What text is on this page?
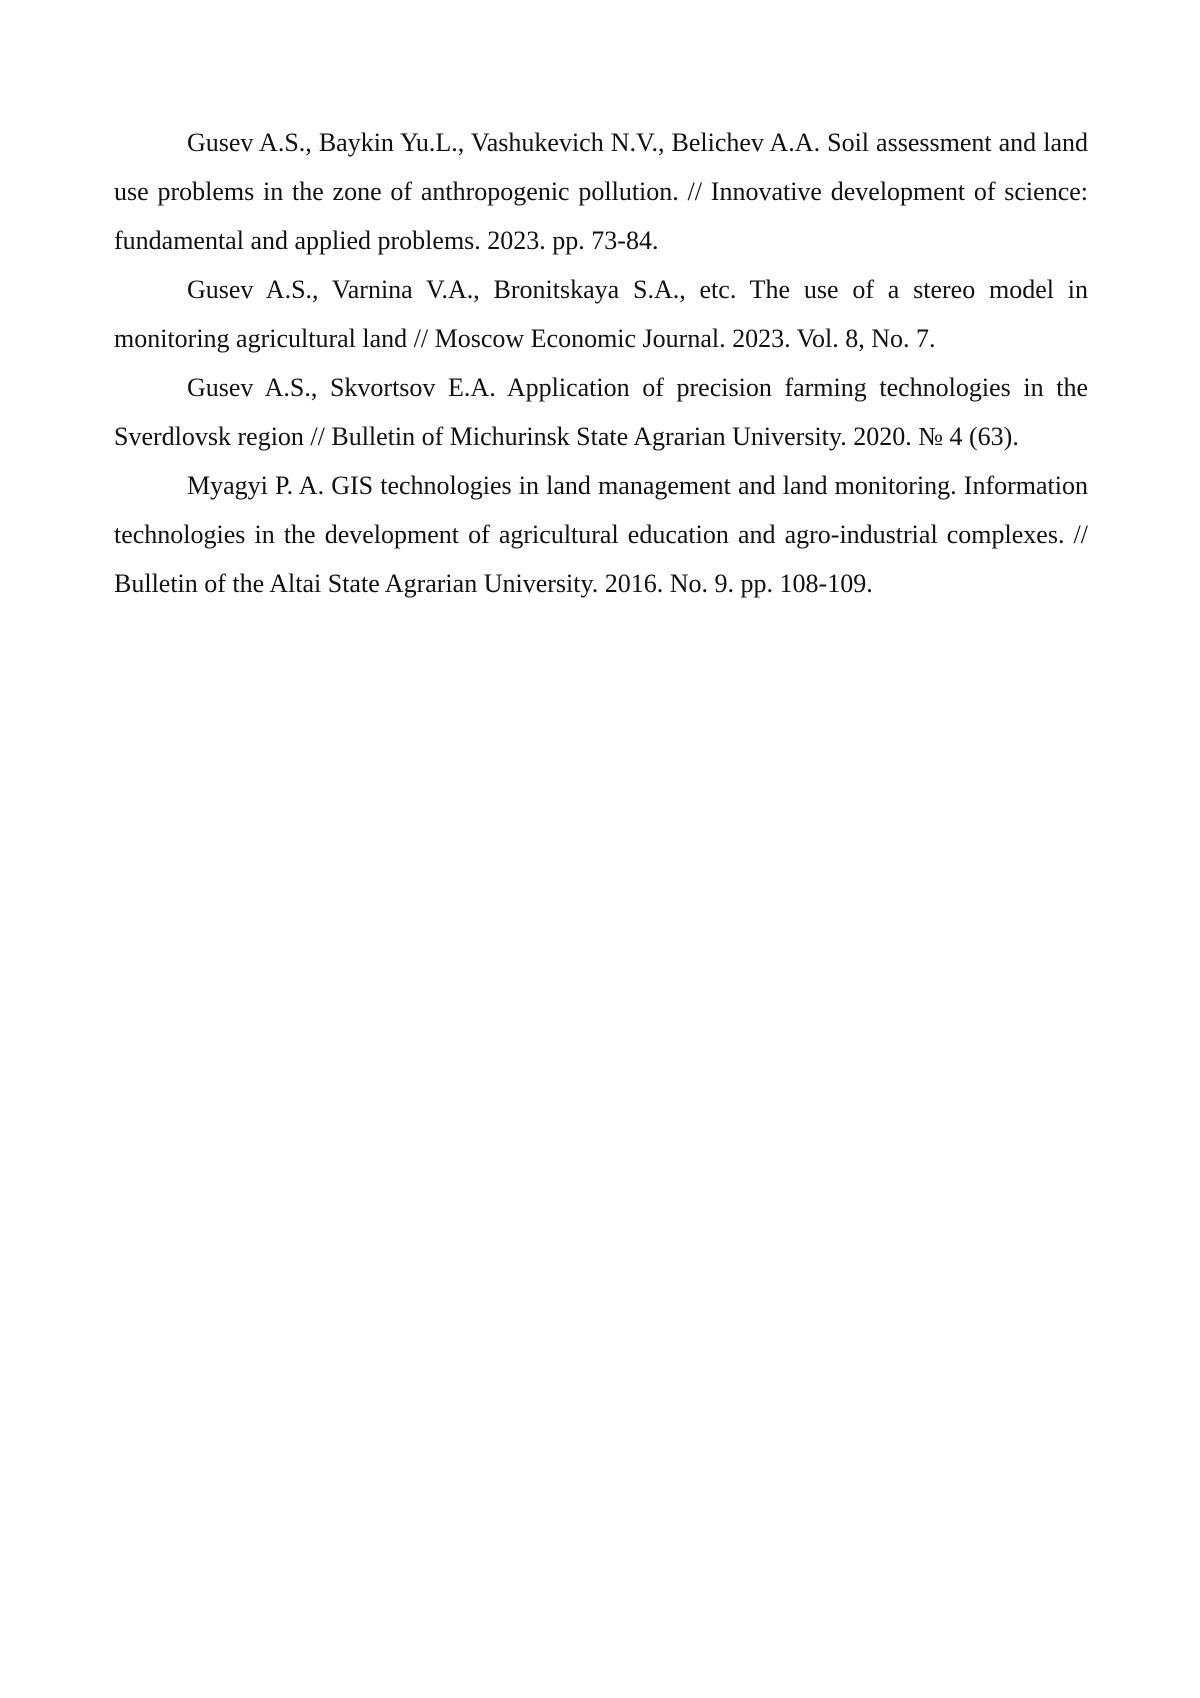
Gusev A.S., Baykin Yu.L., Vashukevich N.V., Belichev A.A. Soil assessment and land use problems in the zone of anthropogenic pollution. // Innovative development of science: fundamental and applied problems. 2023. pp. 73-84.

Gusev A.S., Varnina V.A., Bronitskaya S.A., etc. The use of a stereo model in monitoring agricultural land // Moscow Economic Journal. 2023. Vol. 8, No. 7.

Gusev A.S., Skvortsov E.A. Application of precision farming technologies in the Sverdlovsk region // Bulletin of Michurinsk State Agrarian University. 2020. № 4 (63).

Myagyi P. A. GIS technologies in land management and land monitoring. Information technologies in the development of agricultural education and agro-industrial complexes. // Bulletin of the Altai State Agrarian University. 2016. No. 9. pp. 108-109.
